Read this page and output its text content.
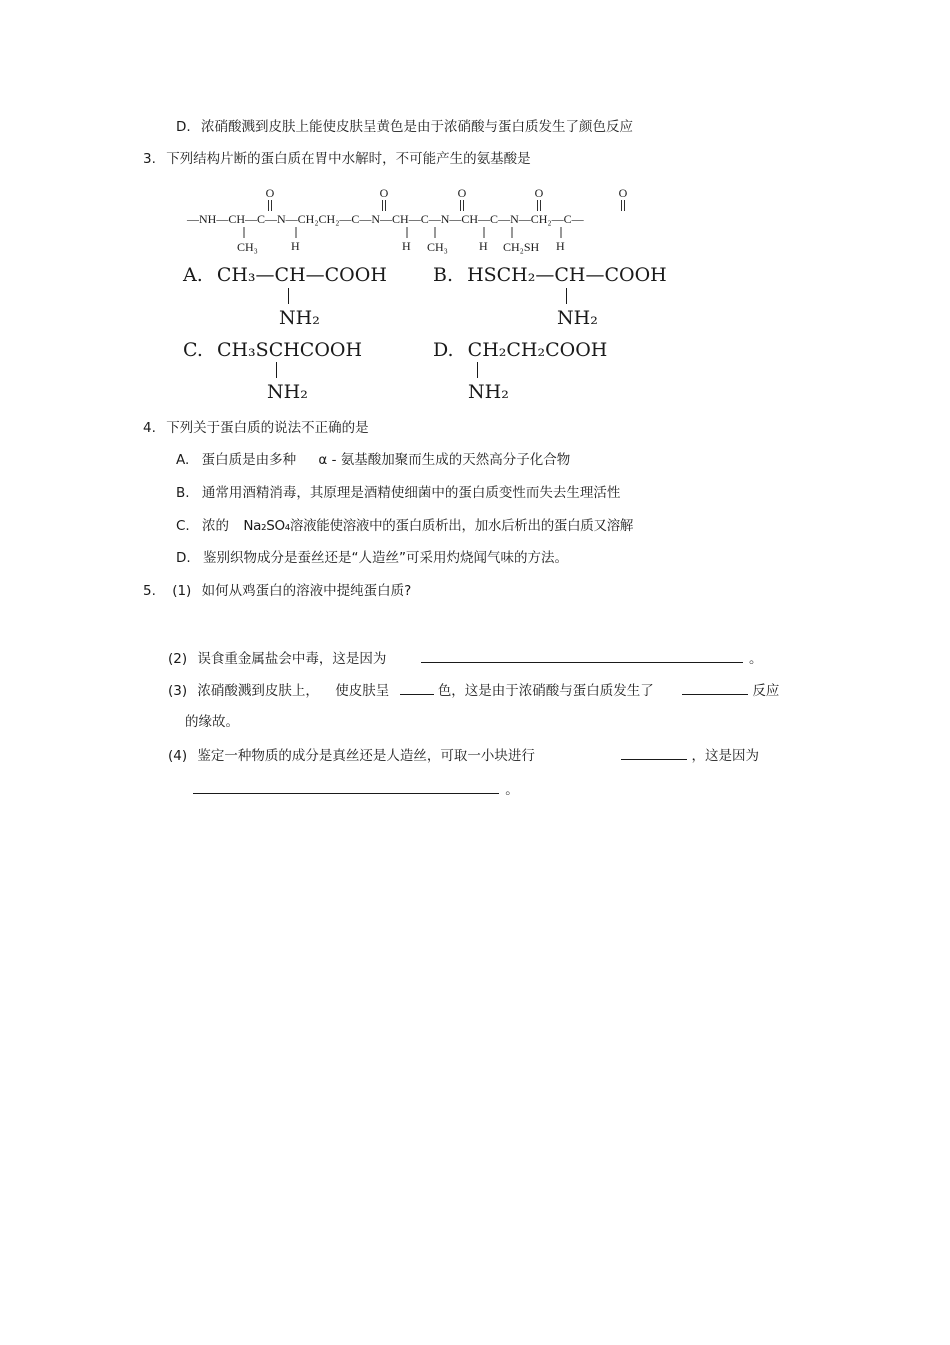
D. 浓硝酸溅到皮肤上能使皮肤呈黄色是由于浓硝酸与蛋白质发生了颜色反应
3. 下列结构片断的蛋白质在胃中水解时，不可能产生的氨基酸是
O	O	O	O	O
—NH—CH—C—N—CH₂CH₂—C—N—CH—C—N—CH—C—N—CH₂—C—
CH₃	H	H CH₃	H CH₂SH H
A. CH₃—CH—COOH
NH₂
B. HSCH₂—CH—COOH
NH₂
C. CH₃SCHCOOH
NH₂
D. CH₂CH₂COOH
NH₂
4. 下列关于蛋白质的说法不正确的是
A. 蛋白质是由多种 α - 氨基酸加聚而生成的天然高分子化合物
B. 通常用酒精消毒，其原理是酒精使细菌中的蛋白质变性而失去生理活性
C. 浓的 Na₂SO₄溶液能使溶液中的蛋白质析出，加水后析出的蛋白质又溶解
D. 鉴别织物成分是蚕丝还是“人造丝”可采用灼烧闻气味的方法。
5. (1) 如何从鸡蛋白的溶液中提纯蛋白质?
(2) 误食重金属盐会中毒，这是因为	。
(3) 浓硝酸溅到皮肤上， 使皮肤呈	色，这是由于浓硝酸与蛋白质发生了	反应
的缘故。
(4) 鉴定一种物质的成分是真丝还是人造丝，可取一小块进行	，这是因为
。
